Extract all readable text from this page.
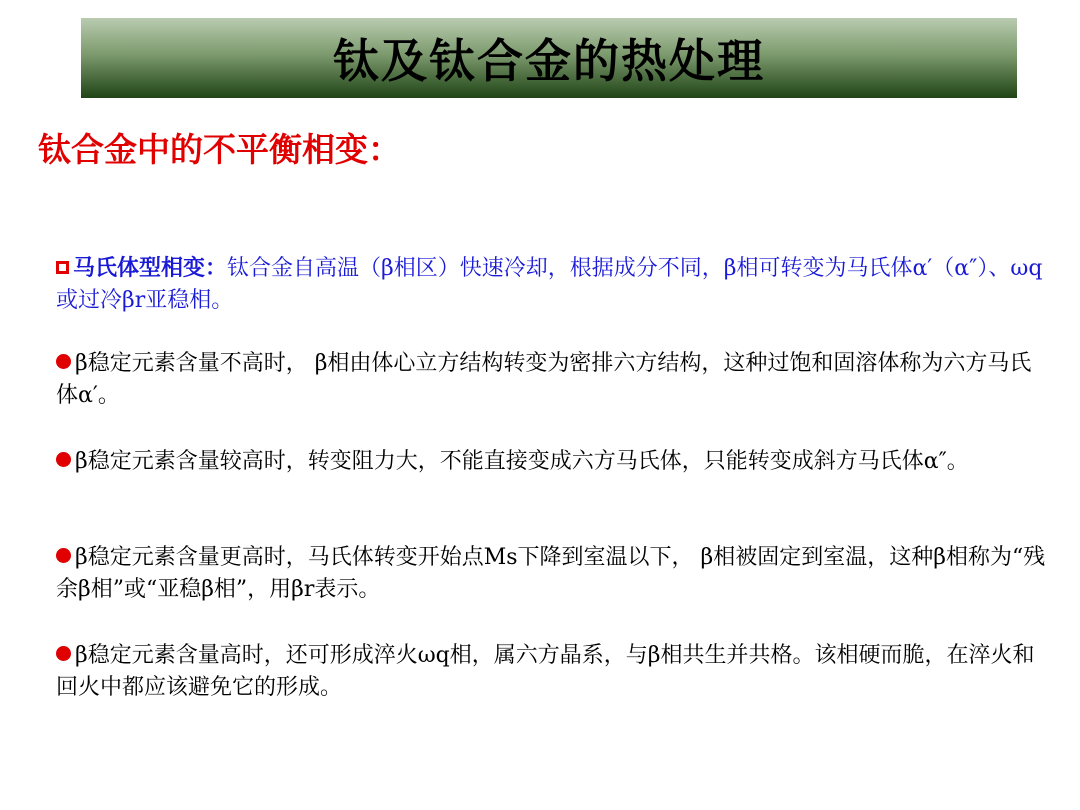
钛及钛合金的热处理
钛合金中的不平衡相变：
马氏体型相变：钛合金自高温（β相区）快速冷却，根据成分不同，β相可转变为马氏体α′（α″）、ωq或过冷βr亚稳相。
β稳定元素含量不高时， β相由体心立方结构转变为密排六方结构，这种过饱和固溶体称为六方马氏体α′。
β稳定元素含量较高时，转变阻力大，不能直接变成六方马氏体，只能转变成斜方马氏体α″。
β稳定元素含量更高时，马氏体转变开始点Ms下降到室温以下， β相被固定到室温，这种β相称为“残余β相”或“亚稳β相”，用βr表示。
β稳定元素含量高时，还可形成淬火ωq相，属六方晶系，与β相共生并共格。该相硬而脆，在淬火和回火中都应该避免它的形成。
